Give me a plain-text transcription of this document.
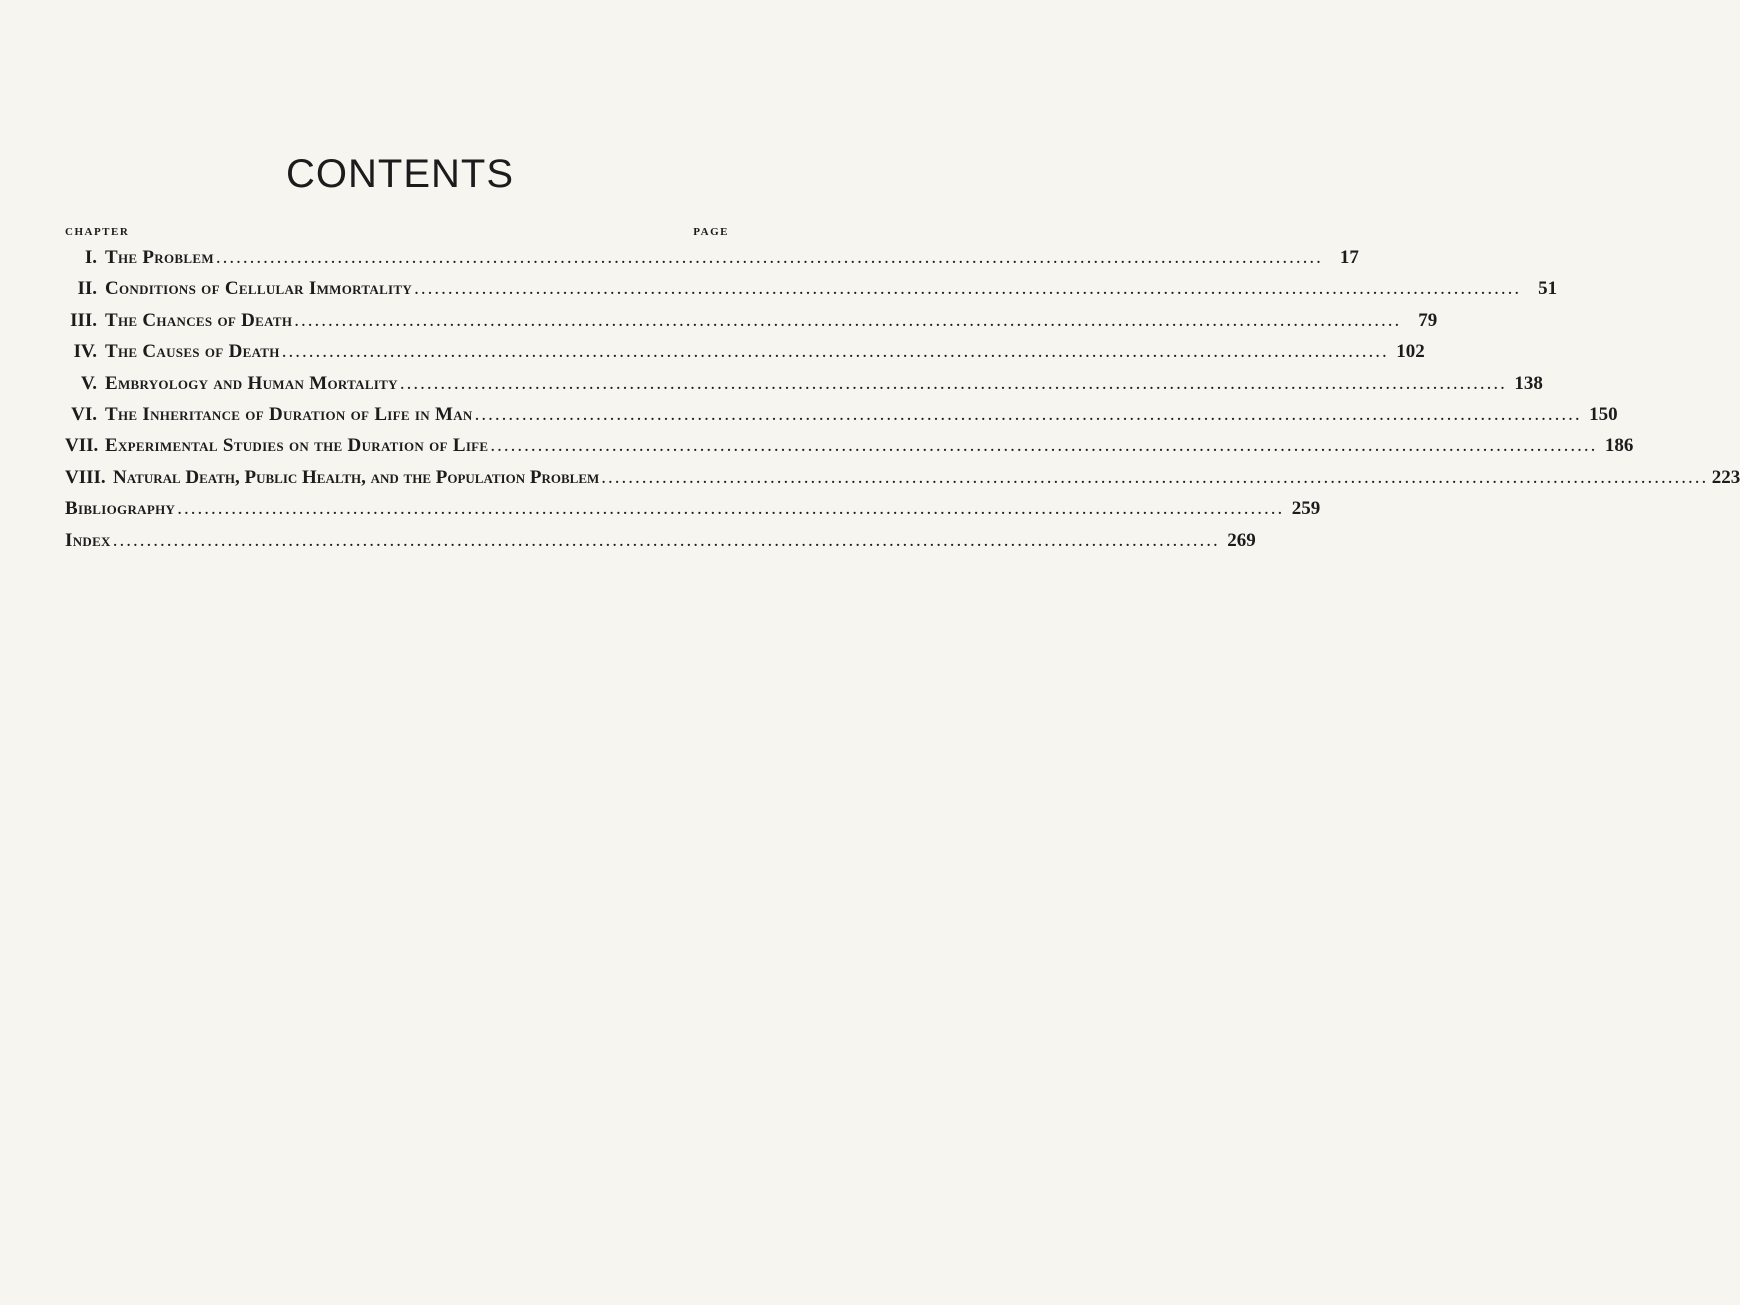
CONTENTS
CHAPTER	PAGE
I. The Problem .....	17
II. Conditions of Cellular Immortality .....	51
III. The Chances of Death .....	79
IV. The Causes of Death .....	102
V. Embryology and Human Mortality .....	138
VI. The Inheritance of Duration of Life in Man .....	150
VII. Experimental Studies on the Duration of Life .....	186
VIII. Natural Death, Public Health, and the Population Problem .....	223
Bibliography .....	259
Index .....	269
